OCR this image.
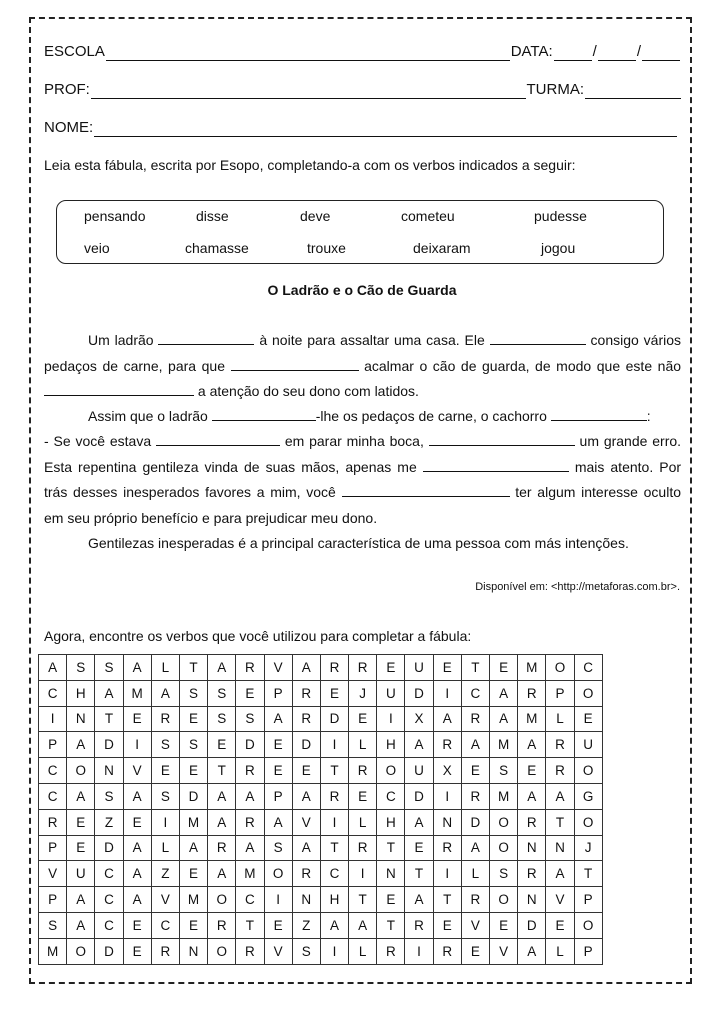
ESCOLA	DATA:	/	/
PROF:	TURMA:
NOME:
Leia esta fábula, escrita por Esopo, completando-a com os verbos indicados a seguir:
pensando	disse	deve	cometeu	pudesse
veio	chamasse	trouxe	deixaram	jogou
O Ladrão e o Cão de Guarda

Um ladrão	à noite para assaltar uma casa. Ele	consigo vários pedaços de carne, para que	acalmar o cão de guarda, de modo que este não  a atenção do seu dono com latidos.

Assim que o ladrão	-lhe os pedaços de carne, o cachorro	:

- Se você estava	em parar minha boca,	um grande erro. Esta repentina gentileza vinda de suas mãos, apenas me	mais atento. Por trás desses inesperados favores a mim, você	ter algum interesse oculto em seu próprio benefício e para prejudicar meu dono.

Gentilezas inesperadas é a principal característica de uma pessoa com más intenções.

Disponível em: <http://metaforas.com.br>.
Agora, encontre os verbos que você utilizou para completar a fábula:
A	S	S	A	L	T	A	R	V	A	R	R	E	U	E	T	E	M	O	C
C	H	A	M	A	S	S	E	P	R	E	J	U	D	I	C	A	R	P	O
I	N	T	E	R	E	S	S	A	R	D	E	I	X	A	R	A	M	L	E
P	A	D	I	S	S	E	D	E	D	I	L	H	A	R	A	M	A	R	U
C	O	N	V	E	E	T	R	E	E	T	R	O	U	X	E	S	E	R	O
C	A	S	A	S	D	A	A	P	A	R	E	C	D	I	R	M	A	A	G
R	E	Z	E	I	M	A	R	A	V	I	L	H	A	N	D	O	R	T	O
P	E	D	A	L	A	R	A	S	A	T	R	T	E	R	A	O	N	N	J
V	U	C	A	Z	E	A	M	O	R	C	I	N	T	I	L	S	R	A	T
P	A	C	A	V	M	O	C	I	N	H	T	E	A	T	R	O	N	V	P
S	A	C	E	C	E	R	T	E	Z	A	A	T	R	E	V	E	D	E	O
M	O	D	E	R	N	O	R	V	S	I	L	R	I	R	E	V	A	L	P
